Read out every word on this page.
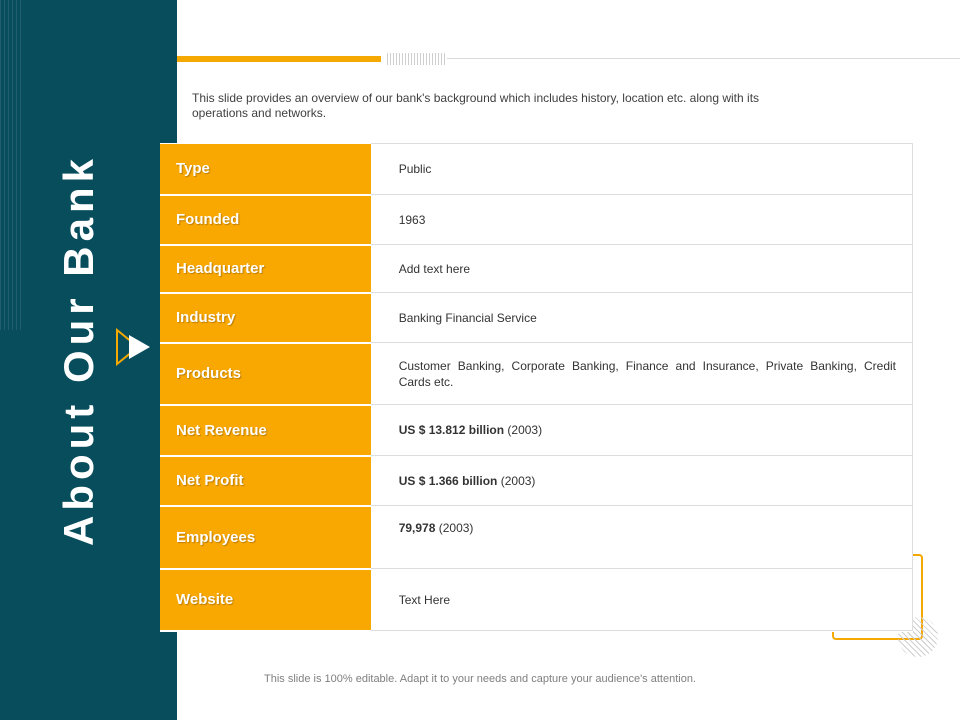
About Our Bank

This slide provides an overview of our bank's background which includes history, location etc. along with its operations and networks.

Type	Public
Founded	1963
Headquarter	Add text here
Industry	Banking Financial Service
Products	Customer Banking, Corporate Banking, Finance and Insurance, Private Banking, Credit Cards etc.
Net Revenue	US $ 13.812 billion (2003)
Net Profit	US $ 1.366 billion (2003)
Employees	79,978 (2003)
Website	Text Here
This slide is 100% editable. Adapt it to your needs and capture your audience's attention.
